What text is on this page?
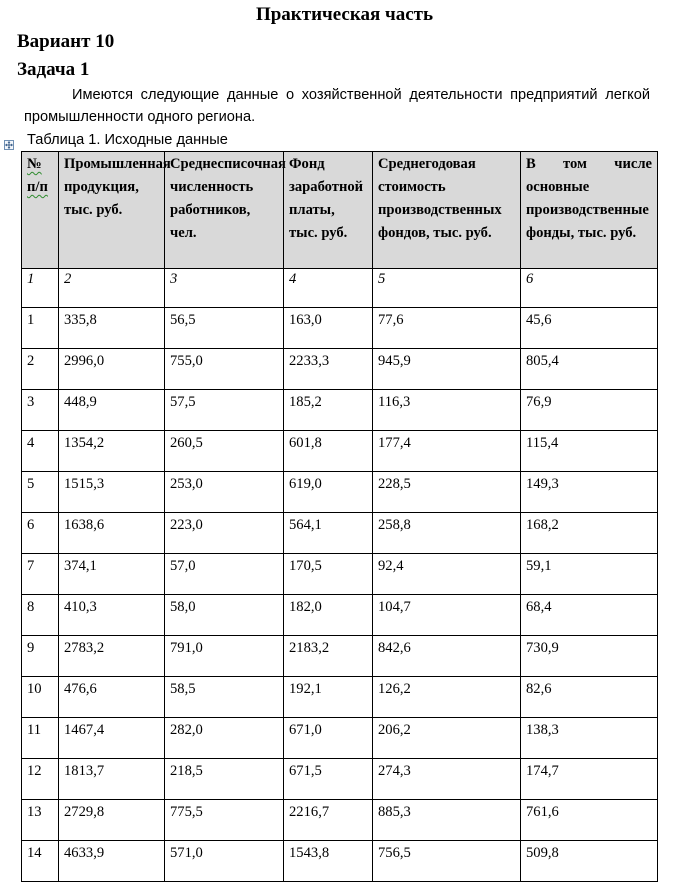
Практическая часть
Вариант 10
Задача 1
Имеются следующие данные о хозяйственной деятельности предприятий легкой промышленности одного региона.
Таблица 1. Исходные данные
№ п/п	Промышленная продукция, тыс. руб.	Среднесписочная численность работников, чел.	Фонд заработной платы, тыс. руб.	Среднегодовая стоимость производственных фондов, тыс. руб.	В том числе основные производственные фонды, тыс. руб.
1	2	3	4	5	6
1	335,8	56,5	163,0	77,6	45,6
2	2996,0	755,0	2233,3	945,9	805,4
3	448,9	57,5	185,2	116,3	76,9
4	1354,2	260,5	601,8	177,4	115,4
5	1515,3	253,0	619,0	228,5	149,3
6	1638,6	223,0	564,1	258,8	168,2
7	374,1	57,0	170,5	92,4	59,1
8	410,3	58,0	182,0	104,7	68,4
9	2783,2	791,0	2183,2	842,6	730,9
10	476,6	58,5	192,1	126,2	82,6
11	1467,4	282,0	671,0	206,2	138,3
12	1813,7	218,5	671,5	274,3	174,7
13	2729,8	775,5	2216,7	885,3	761,6
14	4633,9	571,0	1543,8	756,5	509,8
